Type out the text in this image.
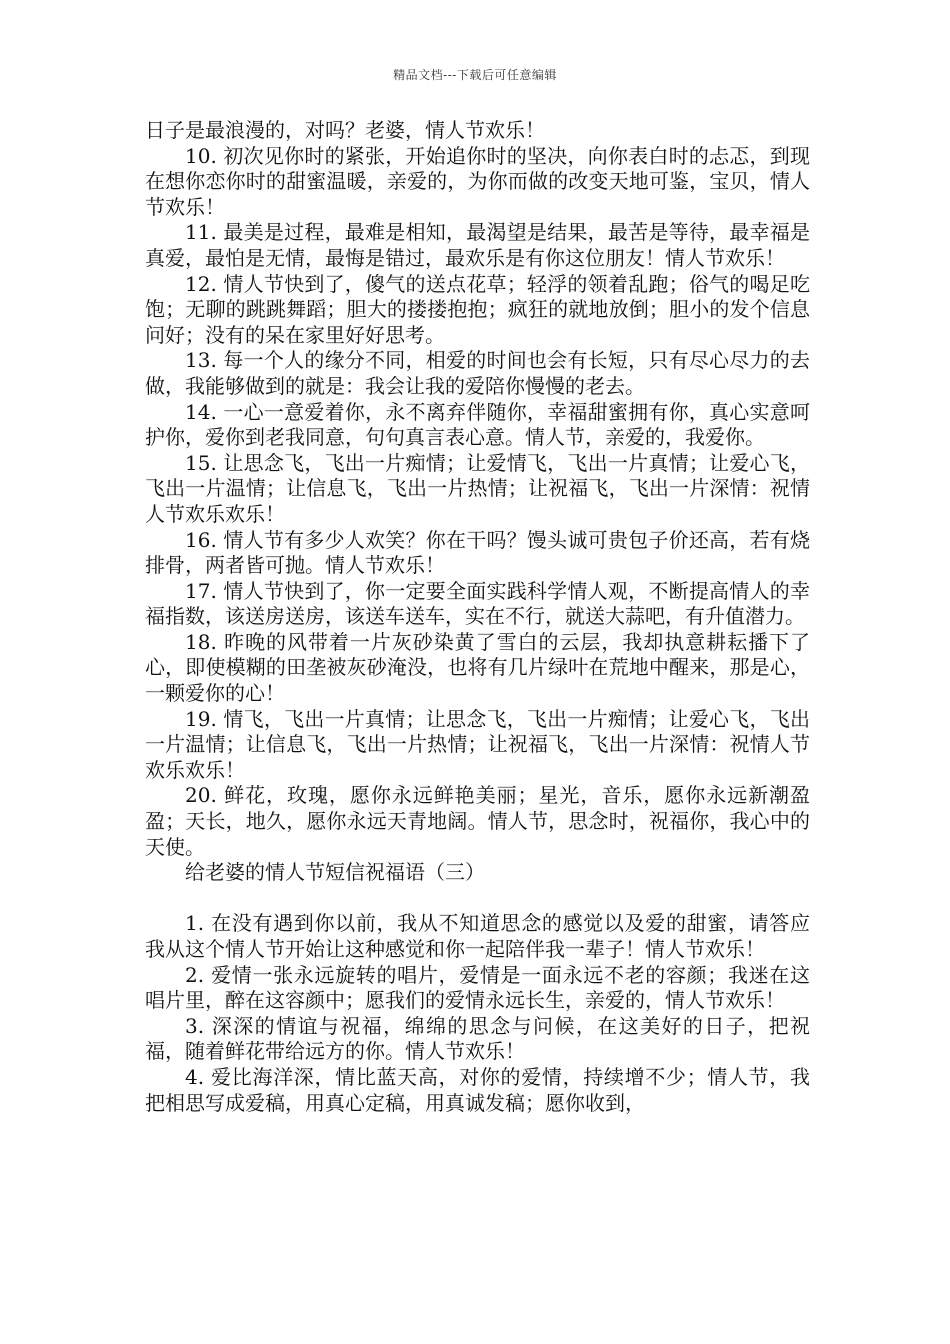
精品文档---下载后可任意编辑

日子是最浪漫的，对吗？老婆，情人节欢乐！

10. 初次见你时的紧张，开始追你时的坚决，向你表白时的忐忑，到现在想你恋你时的甜蜜温暖，亲爱的，为你而做的改变天地可鉴，宝贝，情人节欢乐！

11. 最美是过程，最难是相知，最渴望是结果，最苦是等待，最幸福是真爱，最怕是无情，最悔是错过，最欢乐是有你这位朋友！情人节欢乐！

12. 情人节快到了，傻气的送点花草；轻浮的领着乱跑；俗气的喝足吃饱；无聊的跳跳舞蹈；胆大的搂搂抱抱；疯狂的就地放倒；胆小的发个信息问好；没有的呆在家里好好思考。

13. 每一个人的缘分不同，相爱的时间也会有长短，只有尽心尽力的去做，我能够做到的就是：我会让我的爱陪你慢慢的老去。

14. 一心一意爱着你，永不离弃伴随你，幸福甜蜜拥有你，真心实意呵护你，爱你到老我同意，句句真言表心意。情人节，亲爱的，我爱你。

15. 让思念飞，飞出一片痴情；让爱情飞，飞出一片真情；让爱心飞，飞出一片温情；让信息飞，飞出一片热情；让祝福飞，飞出一片深情：祝情人节欢乐欢乐！

16. 情人节有多少人欢笑？你在干吗？馒头诚可贵包子价还高，若有烧排骨，两者皆可抛。情人节欢乐！

17. 情人节快到了，你一定要全面实践科学情人观，不断提高情人的幸福指数，该送房送房，该送车送车，实在不行，就送大蒜吧，有升值潜力。

18. 昨晚的风带着一片灰砂染黄了雪白的云层，我却执意耕耘播下了心，即使模糊的田垄被灰砂淹没，也将有几片绿叶在荒地中醒来，那是心，一颗爱你的心！

19. 情飞，飞出一片真情；让思念飞，飞出一片痴情；让爱心飞，飞出一片温情；让信息飞，飞出一片热情；让祝福飞，飞出一片深情：祝情人节欢乐欢乐！

20. 鲜花，玫瑰，愿你永远鲜艳美丽；星光，音乐，愿你永远新潮盈盈；天长，地久，愿你永远天青地阔。情人节，思念时，祝福你，我心中的天使。

给老婆的情人节短信祝福语（三）

1. 在没有遇到你以前，我从不知道思念的感觉以及爱的甜蜜，请答应我从这个情人节开始让这种感觉和你一起陪伴我一辈子！情人节欢乐！

2. 爱情一张永远旋转的唱片，爱情是一面永远不老的容颜；我迷在这唱片里，醉在这容颜中；愿我们的爱情永远长生，亲爱的，情人节欢乐！

3. 深深的情谊与祝福，绵绵的思念与问候，在这美好的日子，把祝福，随着鲜花带给远方的你。情人节欢乐！

4. 爱比海洋深，情比蓝天高，对你的爱情，持续增不少；情人节，我把相思写成爱稿，用真心定稿，用真诚发稿；愿你收到，
